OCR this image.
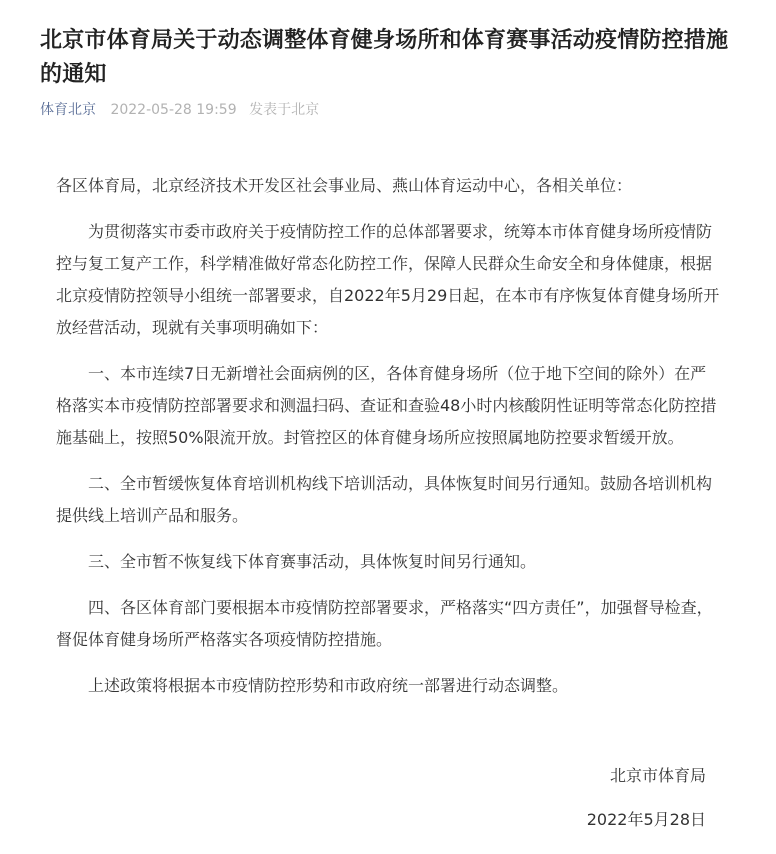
北京市体育局关于动态调整体育健身场所和体育赛事活动疫情防控措施的通知
体育北京 2022-05-28 19:59 发表于北京

各区体育局，北京经济技术开发区社会事业局、燕山体育运动中心，各相关单位：

为贯彻落实市委市政府关于疫情防控工作的总体部署要求，统筹本市体育健身场所疫情防控与复工复产工作，科学精准做好常态化防控工作，保障人民群众生命安全和身体健康，根据北京疫情防控领导小组统一部署要求，自2022年5月29日起，在本市有序恢复体育健身场所开放经营活动，现就有关事项明确如下：

一、本市连续7日无新增社会面病例的区，各体育健身场所（位于地下空间的除外）在严格落实本市疫情防控部署要求和测温扫码、查证和查验48小时内核酸阴性证明等常态化防控措施基础上，按照50%限流开放。封管控区的体育健身场所应按照属地防控要求暂缓开放。

二、全市暂缓恢复体育培训机构线下培训活动，具体恢复时间另行通知。鼓励各培训机构提供线上培训产品和服务。

三、全市暂不恢复线下体育赛事活动，具体恢复时间另行通知。

四、各区体育部门要根据本市疫情防控部署要求，严格落实“四方责任”，加强督导检查，督促体育健身场所严格落实各项疫情防控措施。

上述政策将根据本市疫情防控形势和市政府统一部署进行动态调整。

北京市体育局
2022年5月28日
